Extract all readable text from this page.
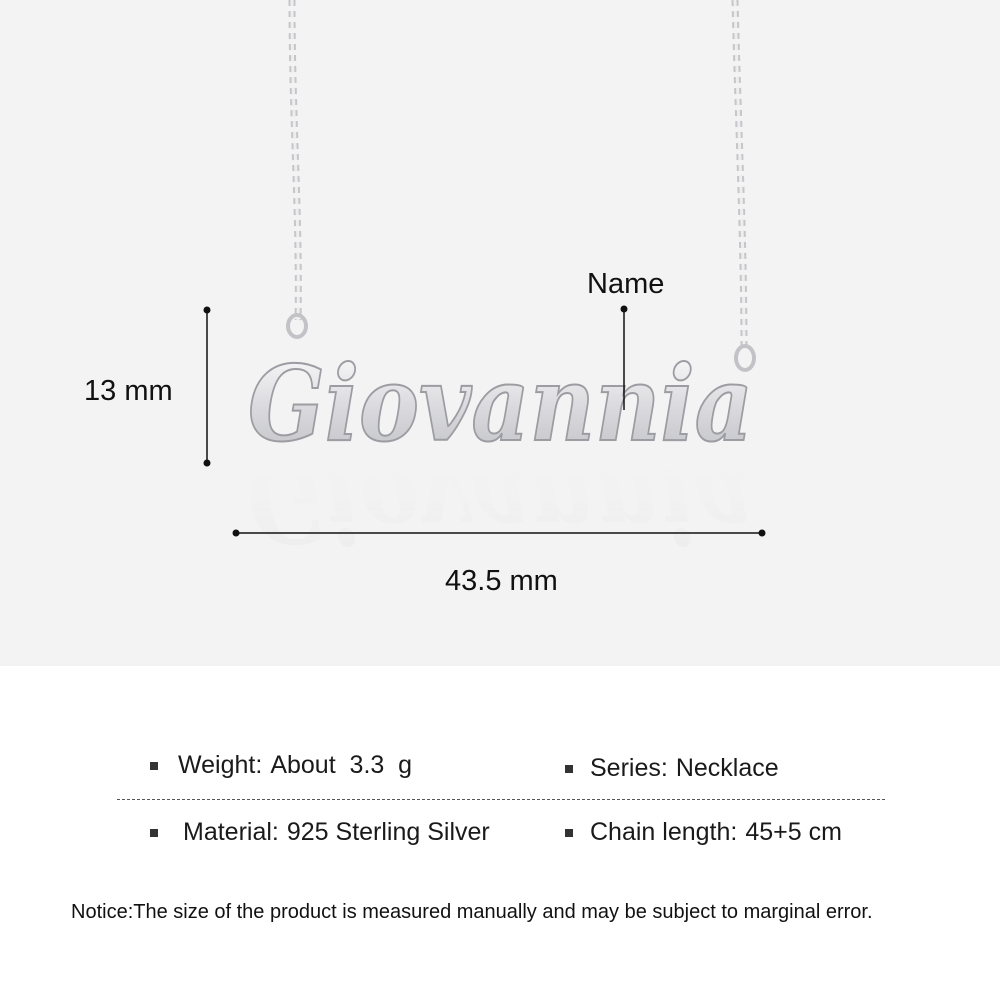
Giovannia
Giovannia
13 mm
43.5 mm
Name
Weight: About  3.3  g	Series: Necklace
Material: 925 Sterling Silver	Chain length: 45+5 cm
Notice:The size of the product is measured manually and may be subject to marginal error.
